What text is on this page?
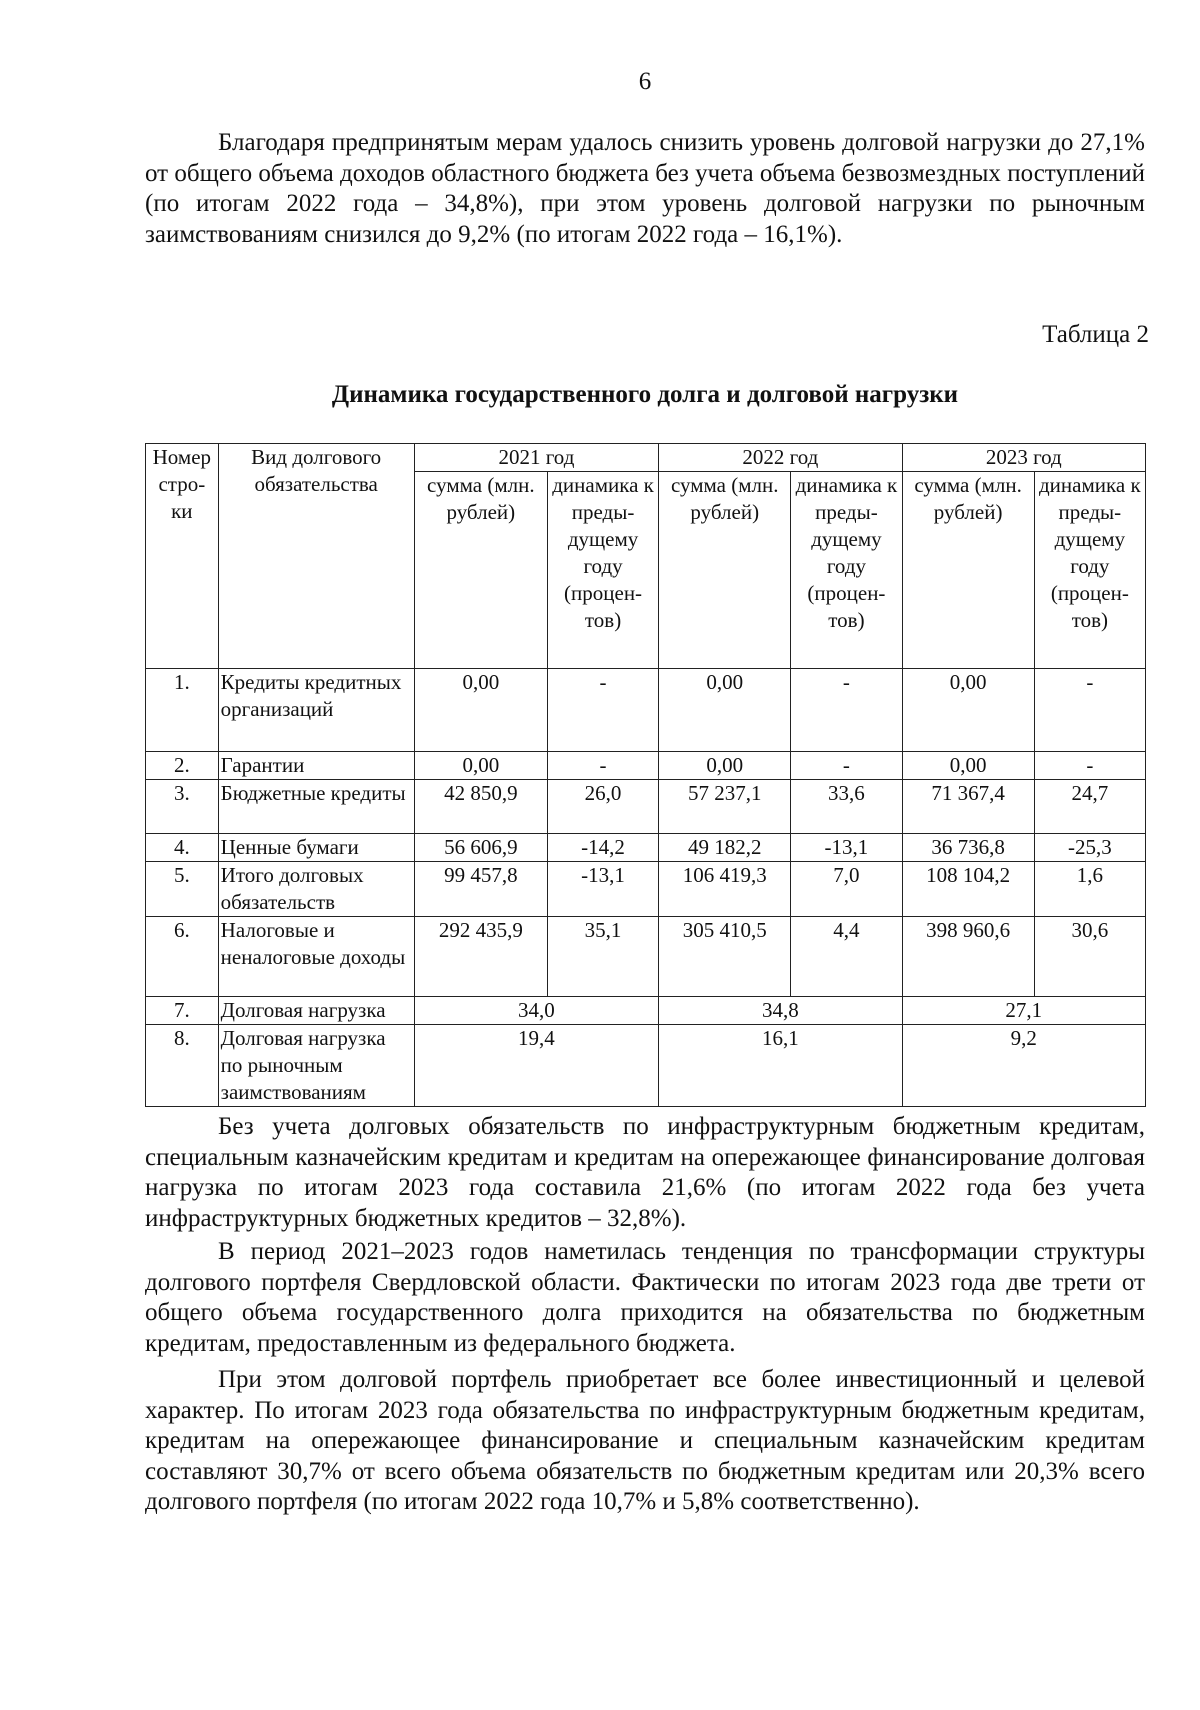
6

Благодаря предпринятым мерам удалось снизить уровень долговой нагрузки до 27,1% от общего объема доходов областного бюджета без учета объема безвозмездных поступлений (по итогам 2022 года – 34,8%), при этом уровень долговой нагрузки по рыночным заимствованиям снизился до 9,2% (по итогам 2022 года – 16,1%).

Таблица 2
Динамика государственного долга и долговой нагрузки
Номер стро-ки	Вид долгового обязательства	2021 год		2022 год		2023 год	
		сумма (млн. рублей)	динамика к преды-дущему году (процен-тов)	сумма (млн. рублей)	динамика к преды-дущему году (процен-тов)	сумма (млн. рублей)	динамика к преды-дущему году (процен-тов)
1.	Кредиты кредитных организаций	0,00	-	0,00	-	0,00	-
2.	Гарантии	0,00	-	0,00	-	0,00	-
3.	Бюджетные кредиты	42 850,9	26,0	57 237,1	33,6	71 367,4	24,7
4.	Ценные бумаги	56 606,9	-14,2	49 182,2	-13,1	36 736,8	-25,3
5.	Итого долговых обязательств	99 457,8	-13,1	106 419,3	7,0	108 104,2	1,6
6.	Налоговые и неналоговые доходы	292 435,9	35,1	305 410,5	4,4	398 960,6	30,6
7.	Долговая нагрузка	34,0		34,8		27,1	
8.	Долговая нагрузка по рыночным заимствованиям	19,4		16,1		9,2	

Без учета долговых обязательств по инфраструктурным бюджетным кредитам, специальным казначейским кредитам и кредитам на опережающее финансирование долговая нагрузка по итогам 2023 года составила 21,6% (по итогам 2022 года без учета инфраструктурных бюджетных кредитов – 32,8%).

В период 2021–2023 годов наметилась тенденция по трансформации структуры долгового портфеля Свердловской области. Фактически по итогам 2023 года две трети от общего объема государственного долга приходится на обязательства по бюджетным кредитам, предоставленным из федерального бюджета.

При этом долговой портфель приобретает все более инвестиционный и целевой характер. По итогам 2023 года обязательства по инфраструктурным бюджетным кредитам, кредитам на опережающее финансирование и специальным казначейским кредитам составляют 30,7% от всего объема обязательств по бюджетным кредитам или 20,3% всего долгового портфеля (по итогам 2022 года 10,7% и 5,8% соответственно).
